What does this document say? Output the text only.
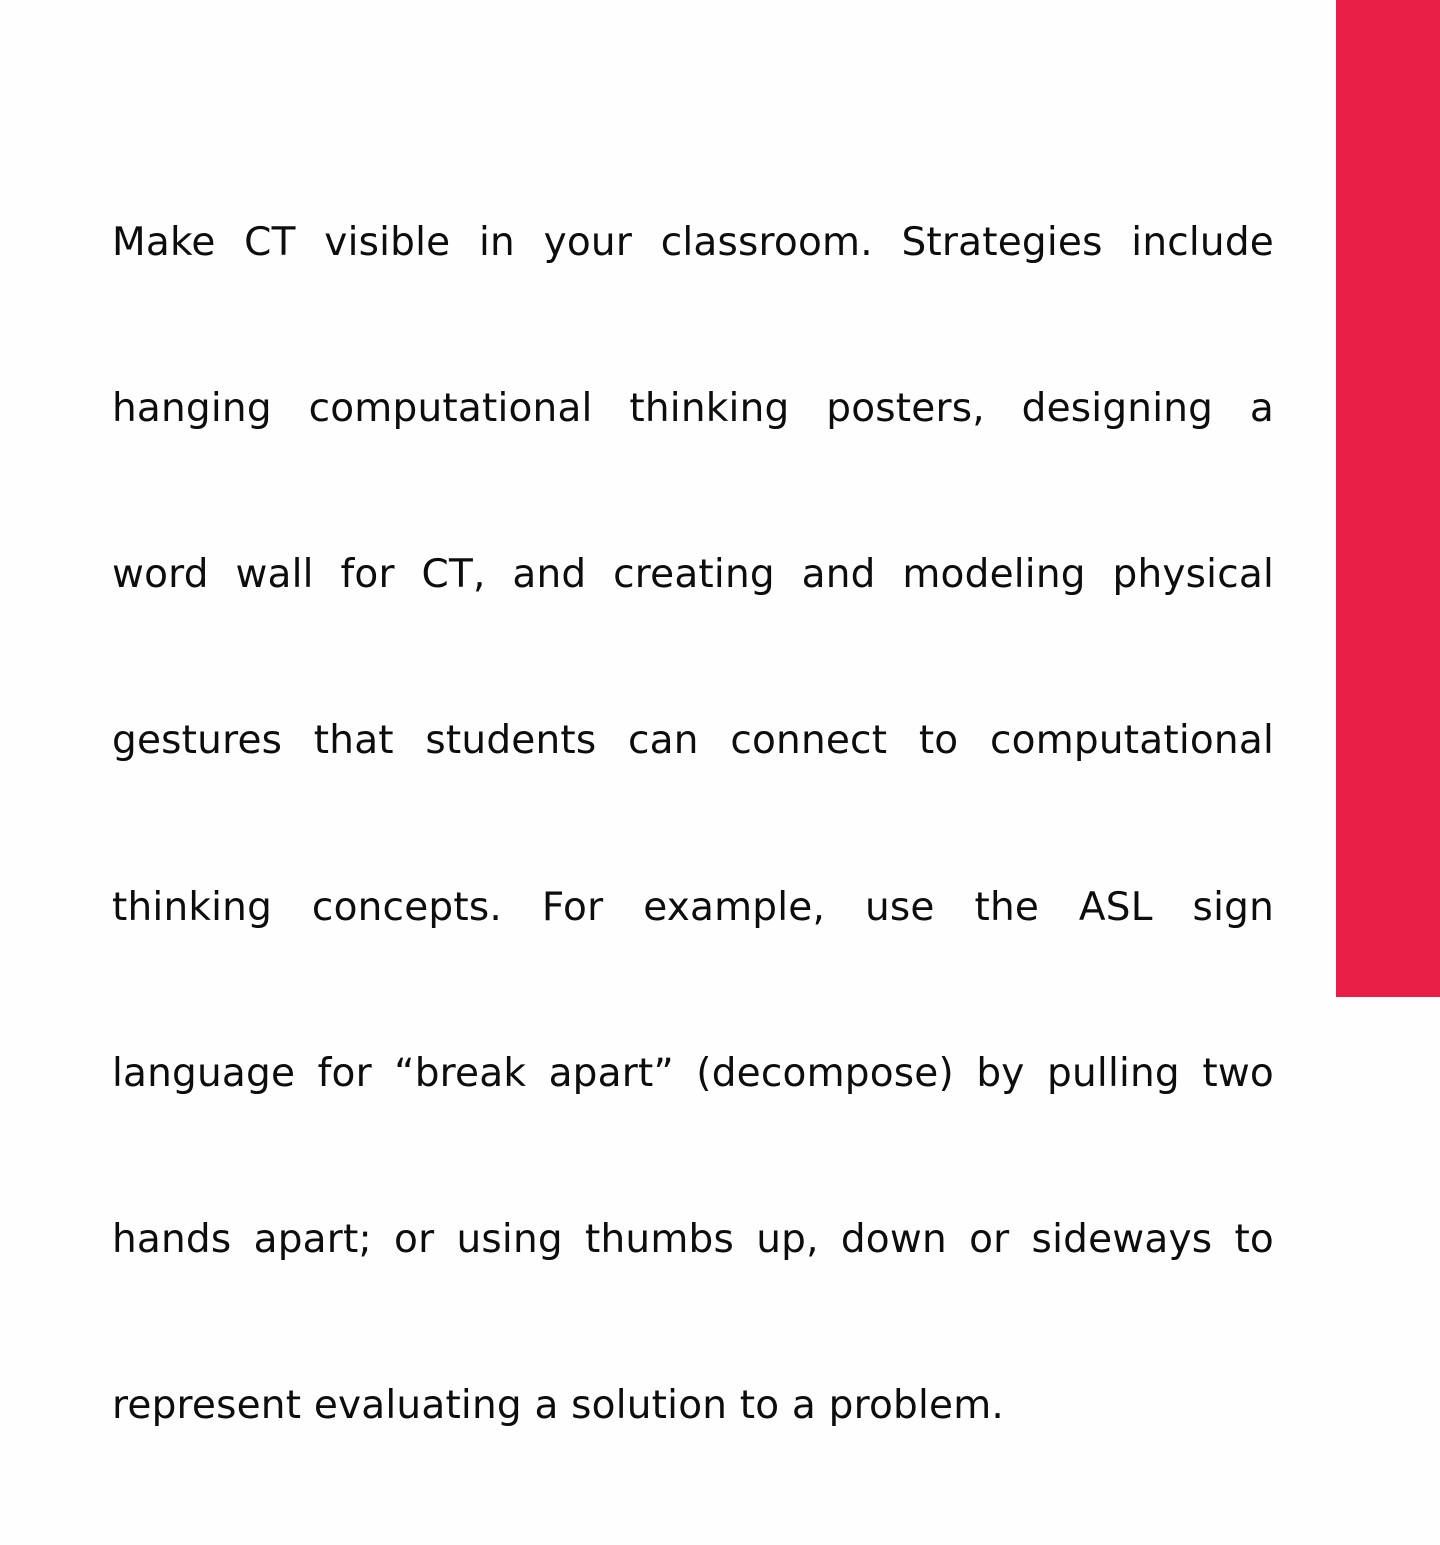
Make CT visible in your classroom. Strategies include

hanging computational thinking posters, designing a

word wall for CT, and creating and modeling physical

gestures that students can connect to computational

thinking concepts. For example, use the ASL sign

language for “break apart” (decompose) by pulling two

hands apart; or using thumbs up, down or sideways to

represent evaluating a solution to a problem.
